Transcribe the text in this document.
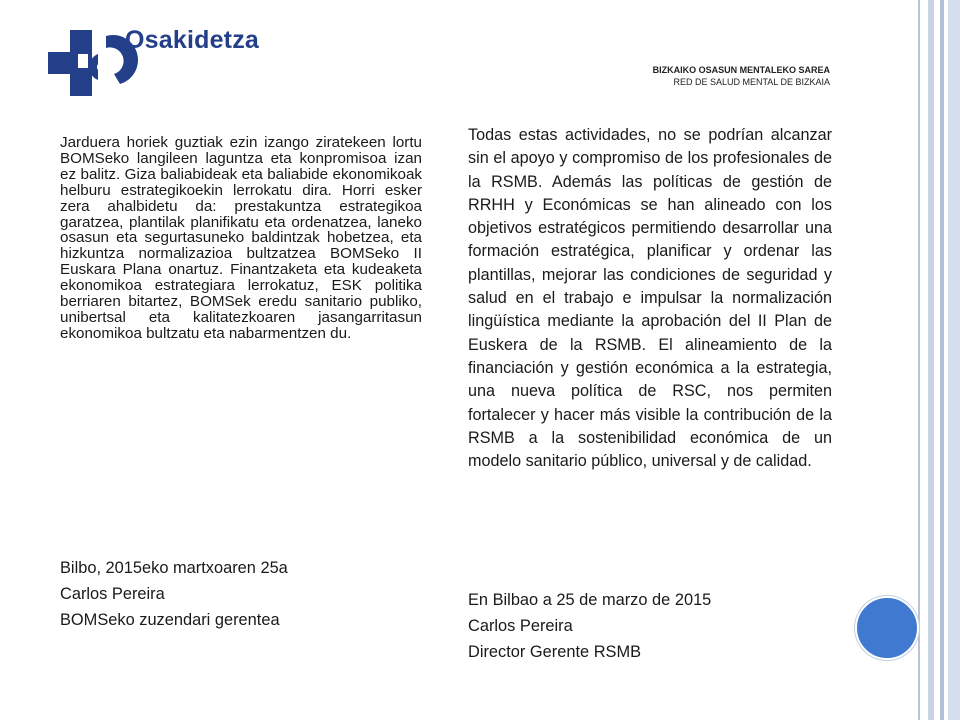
Osakidetza
BIZKAIKO OSASUN MENTALEKO SAREA
RED DE SALUD MENTAL DE BIZKAIA
Jarduera horiek guztiak ezin izango ziratekeen lortu BOMSeko langileen laguntza eta konpromisoa izan ez balitz. Giza baliabideak eta baliabide ekonomikoak helburu estrategikoekin lerrokatu dira. Horri esker zera ahalbidetu da: prestakuntza estrategikoa garatzea, plantilak planifikatu eta ordenatzea, laneko osasun eta segurtasuneko baldintzak hobetzea, eta hizkuntza normalizazioa bultzatzea BOMSeko II Euskara Plana onartuz. Finantzaketa eta kudeaketa ekonomikoa estrategiara lerrokatuz, ESK politika berriaren bitartez, BOMSek eredu sanitario publiko, unibertsal eta kalitatezkoaren jasangarritasun ekonomikoa bultzatu eta nabarmentzen du.
Todas estas actividades, no se podrían alcanzar sin el apoyo y compromiso de los profesionales de la RSMB. Además las políticas de gestión de RRHH y Económicas se han alineado con los objetivos estratégicos permitiendo desarrollar una formación estratégica, planificar y ordenar las plantillas, mejorar las condiciones de seguridad y salud en el trabajo e impulsar la normalización lingüística mediante la aprobación del II Plan de Euskera de la RSMB. El alineamiento de la financiación y gestión económica a la estrategia, una nueva política de RSC, nos permiten fortalecer y hacer más visible la contribución de la RSMB a la sostenibilidad económica de un modelo sanitario público, universal y de calidad.
Bilbo, 2015eko martxoaren 25a
Carlos Pereira
BOMSeko zuzendari gerentea
En Bilbao a 25 de marzo de 2015
Carlos Pereira
Director Gerente RSMB
